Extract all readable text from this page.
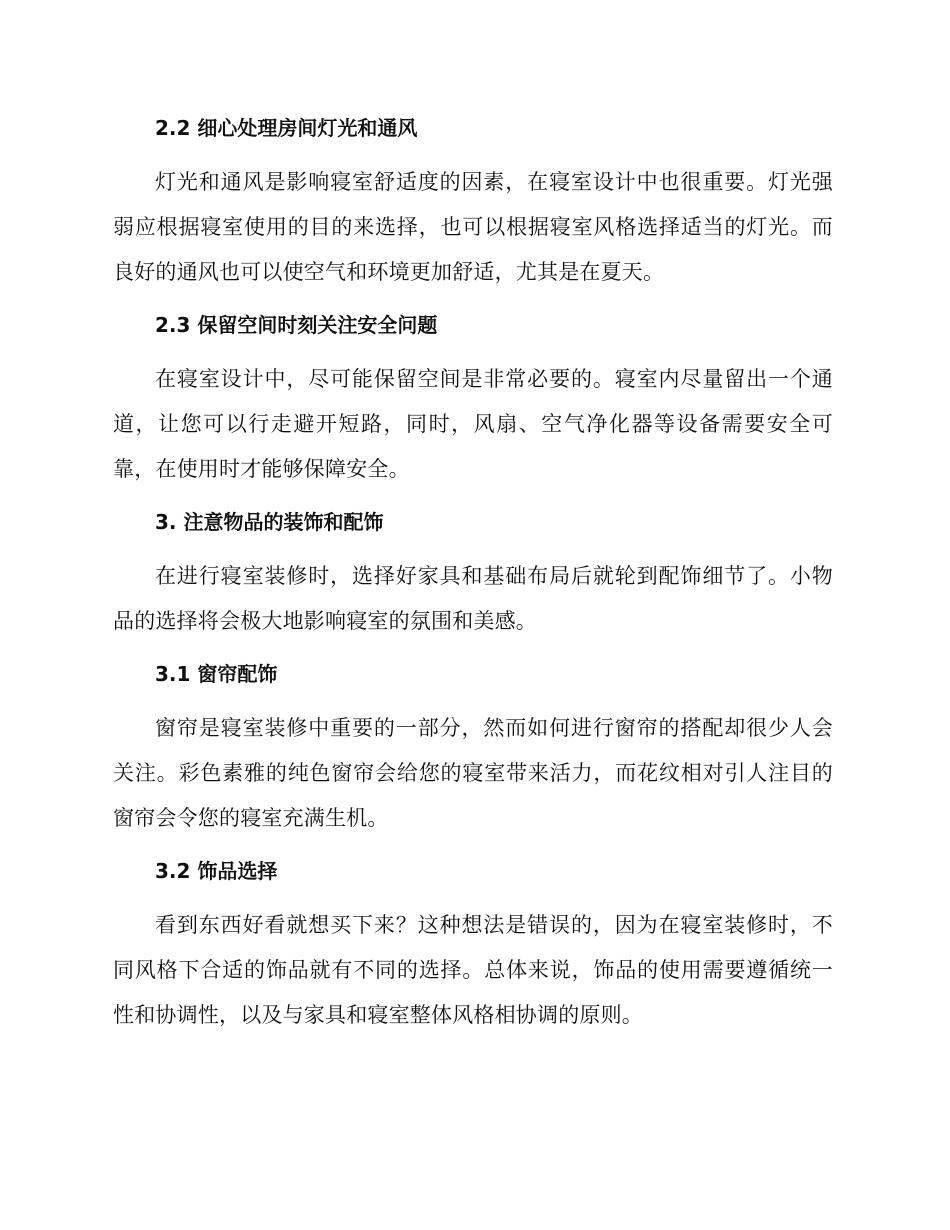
2.2 细心处理房间灯光和通风

灯光和通风是影响寝室舒适度的因素，在寝室设计中也很重要。灯光强弱应根据寝室使用的目的来选择，也可以根据寝室风格选择适当的灯光。而良好的通风也可以使空气和环境更加舒适，尤其是在夏天。

2.3 保留空间时刻关注安全问题

在寝室设计中，尽可能保留空间是非常必要的。寝室内尽量留出一个通道，让您可以行走避开短路，同时，风扇、空气净化器等设备需要安全可靠，在使用时才能够保障安全。

3. 注意物品的装饰和配饰

在进行寝室装修时，选择好家具和基础布局后就轮到配饰细节了。小物品的选择将会极大地影响寝室的氛围和美感。

3.1 窗帘配饰

窗帘是寝室装修中重要的一部分，然而如何进行窗帘的搭配却很少人会关注。彩色素雅的纯色窗帘会给您的寝室带来活力，而花纹相对引人注目的窗帘会令您的寝室充满生机。

3.2 饰品选择

看到东西好看就想买下来？这种想法是错误的，因为在寝室装修时，不同风格下合适的饰品就有不同的选择。总体来说，饰品的使用需要遵循统一性和协调性，以及与家具和寝室整体风格相协调的原则。
